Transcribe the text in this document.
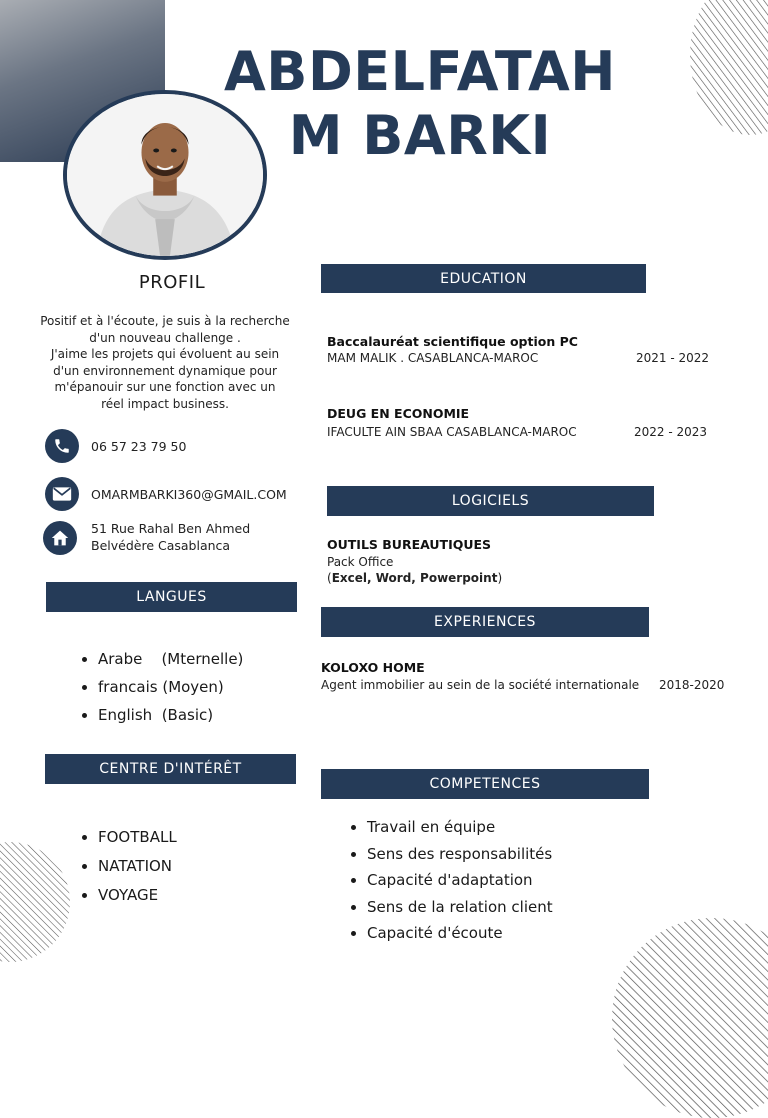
ABDELFATAH
M BARKI
PROFIL
Positif et à l'écoute, je suis à la recherche
d'un nouveau challenge .
J'aime les projets qui évoluent au sein
d'un environnement dynamique pour
m'épanouir sur une fonction avec un
réel impact business.
06 57 23 79 50
OMARMBARKI360@GMAIL.COM
51 Rue Rahal Ben Ahmed
Belvédère Casablanca
LANGUES
• Arabe    (Mternelle)
• francais (Moyen)
• English  (Basic)
CENTRE D'INTÉRÊT
• FOOTBALL
• NATATION
• VOYAGE
EDUCATION
Baccalauréat scientifique option PC
MAM MALIK . CASABLANCA-MAROC	2021 - 2022
DEUG EN ECONOMIE
IFACULTE AIN SBAA CASABLANCA-MAROC	2022 - 2023
LOGICIELS
OUTILS BUREAUTIQUES
Pack Office
(Excel, Word, Powerpoint)
EXPERIENCES
KOLOXO HOME
Agent immobilier au sein de la société internationale 2018-2020
COMPETENCES
• Travail en équipe
• Sens des responsabilités
• Capacité d'adaptation
• Sens de la relation client
• Capacité d'écoute
